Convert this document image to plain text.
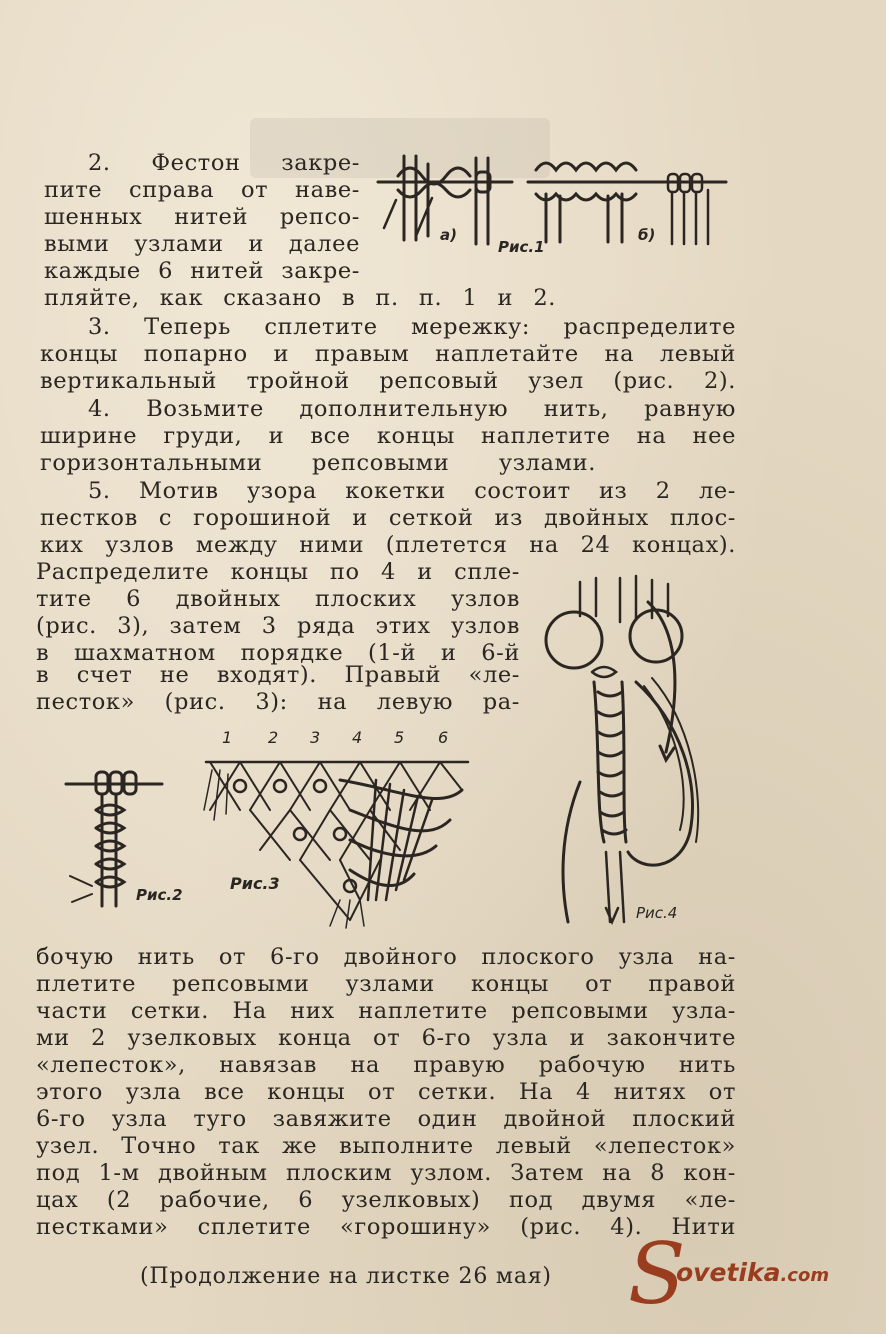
2. Фестон закре-

пите справа от наве-

шенных нитей репсо-

выми узлами и далее

каждые 6 нитей закре-

пляйте, как сказано в п. п. 1 и 2.

3. Теперь сплетите мережку: распределите

концы попарно и правым наплетайте на левый

вертикальный тройной репсовый узел (рис. 2).

4. Возьмите дополнительную нить, равную

ширине груди, и все концы наплетите на нее

горизонтальными репсовыми узлами.

5. Мотив узора кокетки состоит из 2 ле-

пестков с горошиной и сеткой из двойных плос-

ких узлов между ними (плетется на 24 концах).

Распределите концы по 4 и спле-

тите 6 двойных плоских узлов

(рис. 3), затем 3 ряда этих узлов

в шахматном порядке (1-й и 6-й

в счет не входят). Правый «ле-

песток» (рис. 3): на левую ра-

бочую нить от 6-го двойного плоского узла на-

плетите репсовыми узлами концы от правой

части сетки. На них наплетите репсовыми узла-

ми 2 узелковых конца от 6-го узла и закончите

«лепесток», навязав на правую рабочую нить

этого узла все концы от сетки. На 4 нитях от

6-го узла туго завяжите один двойной плоский

узел. Точно так же выполните левый «лепесток»

под 1-м двойным плоским узлом. Затем на 8 кон-

цах (2 рабочие, 6 узелковых) под двумя «ле-

пестками» сплетите «горошину» (рис. 4). Нити

а)
Рис.1
б)
Рис.4
Рис.2
Рис.3
1 2 3 4 5 6

(Продолжение на листке 26 мая) S
ovetika.com
